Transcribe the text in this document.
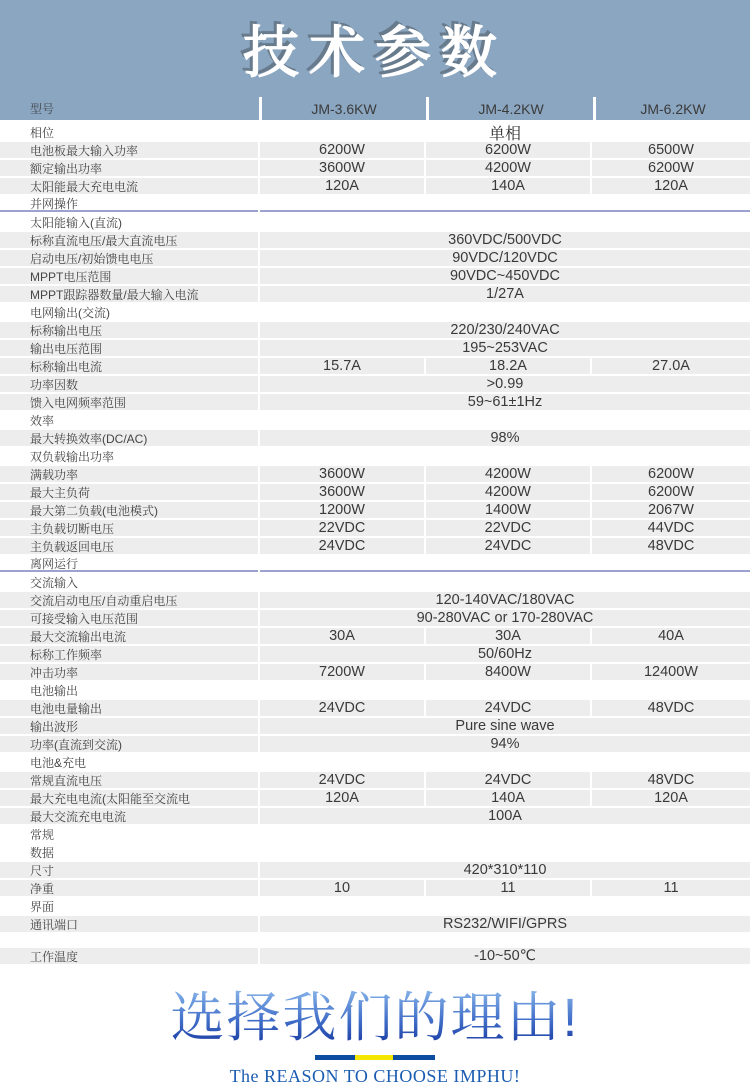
技术参数
型号	JM-3.6KW	JM-4.2KW	JM-6.2KW
相位	单相
电池板最大输入功率	6200W	6200W	6500W
额定输出功率	3600W	4200W	6200W
太阳能最大充电电流	120A	140A	120A
并网操作
太阳能输入(直流)
标称直流电压/最大直流电压	360VDC/500VDC
启动电压/初始馈电电压	90VDC/120VDC
MPPT电压范围	90VDC~450VDC
MPPT跟踪器数量/最大输入电流	1/27A
电网输出(交流)
标称输出电压	220/230/240VAC
输出电压范围	195~253VAC
标称输出电流	15.7A	18.2A	27.0A
功率因数	>0.99
馈入电网频率范围	59~61±1Hz
效率
最大转换效率(DC/AC)	98%
双负载输出功率
满载功率	3600W	4200W	6200W
最大主负荷	3600W	4200W	6200W
最大第二负载(电池模式)	1200W	1400W	2067W
主负载切断电压	22VDC	22VDC	44VDC
主负载返回电压	24VDC	24VDC	48VDC
离网运行
交流输入
交流启动电压/自动重启电压	120-140VAC/180VAC
可接受输入电压范围	90-280VAC or 170-280VAC
最大交流输出电流	30A	30A	40A
标称工作频率	50/60Hz
冲击功率	7200W	8400W	12400W
电池输出
电池电量输出	24VDC	24VDC	48VDC
输出波形	Pure sine wave
功率(直流到交流)	94%
电池&充电
常规直流电压	24VDC	24VDC	48VDC
最大充电电流(太阳能至交流电	120A	140A	120A
最大交流充电电流	100A
常规
数据
尺寸	420*310*110
净重	10	11	11
界面
通讯端口	RS232/WIFI/GPRS
工作温度	-10~50℃
选择我们的理由!
The REASON TO CHOOSE IMPHU!
